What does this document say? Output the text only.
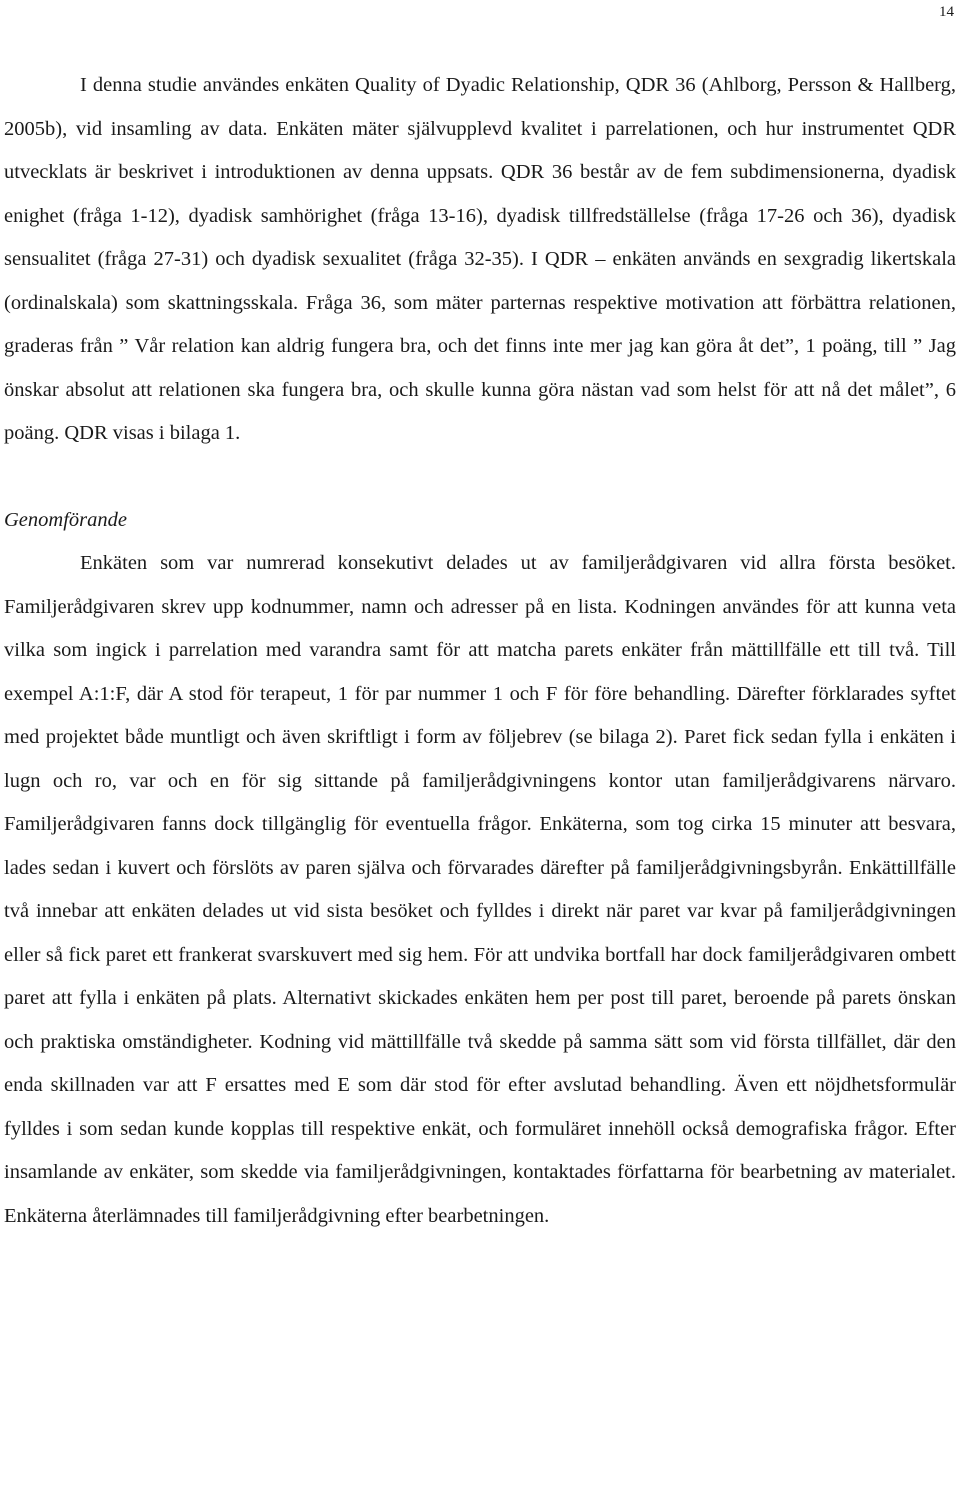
14

I denna studie användes enkäten Quality of Dyadic Relationship, QDR 36 (Ahlborg, Persson & Hallberg, 2005b), vid insamling av data. Enkäten mäter självupplevd kvalitet i parrelationen, och hur instrumentet QDR utvecklats är beskrivet i introduktionen av denna uppsats. QDR 36 består av de fem subdimensionerna, dyadisk enighet (fråga 1-12), dyadisk samhörighet (fråga 13-16), dyadisk tillfredställelse (fråga 17-26 och 36), dyadisk sensualitet (fråga 27-31) och dyadisk sexualitet (fråga 32-35). I QDR – enkäten används en sexgradig likertskala (ordinalskala) som skattningsskala. Fråga 36, som mäter parternas respektive motivation att förbättra relationen, graderas från ” Vår relation kan aldrig fungera bra, och det finns inte mer jag kan göra åt det”, 1 poäng, till ” Jag önskar absolut att relationen ska fungera bra, och skulle kunna göra nästan vad som helst för att nå det målet”, 6 poäng. QDR visas i bilaga 1.

Genomförande

Enkäten som var numrerad konsekutivt delades ut av familjerådgivaren vid allra första besöket. Familjerådgivaren skrev upp kodnummer, namn och adresser på en lista. Kodningen användes för att kunna veta vilka som ingick i parrelation med varandra samt för att matcha parets enkäter från mättillfälle ett till två. Till exempel A:1:F, där A stod för terapeut, 1 för par nummer 1 och F för före behandling. Därefter förklarades syftet med projektet både muntligt och även skriftligt i form av följebrev (se bilaga 2). Paret fick sedan fylla i enkäten i lugn och ro, var och en för sig sittande på familjerådgivningens kontor utan familjerådgivarens närvaro. Familjerådgivaren fanns dock tillgänglig för eventuella frågor. Enkäterna, som tog cirka 15 minuter att besvara, lades sedan i kuvert och förslöts av paren själva och förvarades därefter på familjerådgivningsbyrån. Enkättillfälle två innebar att enkäten delades ut vid sista besöket och fylldes i direkt när paret var kvar på familjerådgivningen eller så fick paret ett frankerat svarskuvert med sig hem. För att undvika bortfall har dock familjerådgivaren ombett paret att fylla i enkäten på plats. Alternativt skickades enkäten hem per post till paret, beroende på parets önskan och praktiska omständigheter. Kodning vid mättillfälle två skedde på samma sätt som vid första tillfället, där den enda skillnaden var att F ersattes med E som där stod för efter avslutad behandling. Även ett nöjdhetsformulär fylldes i som sedan kunde kopplas till respektive enkät, och formuläret innehöll också demografiska frågor. Efter insamlande av enkäter, som skedde via familjerådgivningen, kontaktades författarna för bearbetning av materialet. Enkäterna återlämnades till familjerådgivning efter bearbetningen.
